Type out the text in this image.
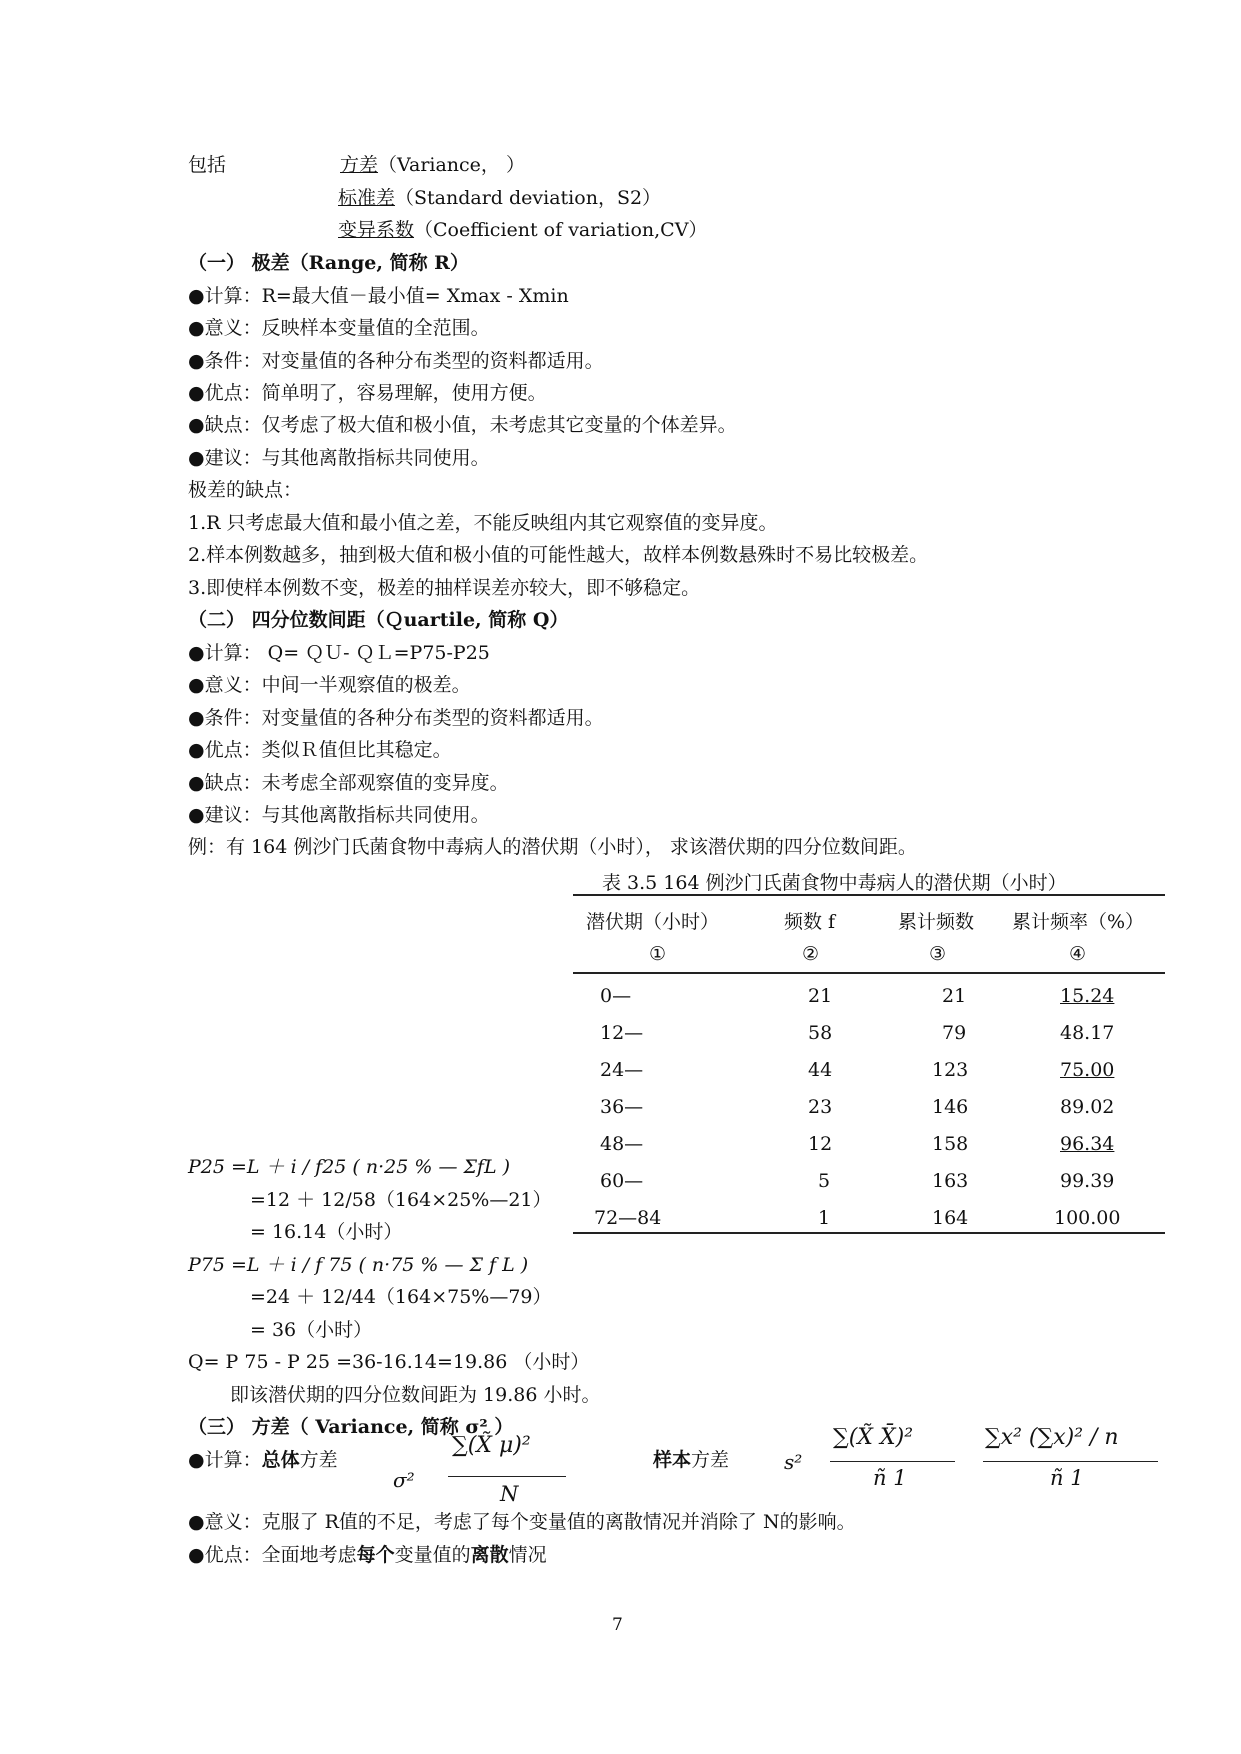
包括	方差（Variance， ）
标准差（Standard deviation，S2）
变异系数（Coefficient of variation,CV）
（一） 极差（Range, 简称 R）
●计算：R=最大值－最小值= Xmax - Xmin
●意义：反映样本变量值的全范围。
●条件：对变量值的各种分布类型的资料都适用。
●优点：简单明了，容易理解，使用方便。
●缺点：仅考虑了极大值和极小值，未考虑其它变量的个体差异。
●建议：与其他离散指标共同使用。
极差的缺点：
1.R 只考虑最大值和最小值之差，不能反映组内其它观察值的变异度。
2.样本例数越多，抽到极大值和极小值的可能性越大，故样本例数悬殊时不易比较极差。
3.即使样本例数不变，极差的抽样误差亦较大，即不够稳定。
（二） 四分位数间距（Ｑuartile, 简称 Q）
●计算： Q= ＱＵ- ＱＬ=P75-P25
●意义：中间一半观察值的极差。
●条件：对变量值的各种分布类型的资料都适用。
●优点：类似Ｒ值但比其稳定。
●缺点：未考虑全部观察值的变异度。
●建议：与其他离散指标共同使用。
例：有 164 例沙门氏菌食物中毒病人的潜伏期（小时）， 求该潜伏期的四分位数间距。
表 3.5 164 例沙门氏菌食物中毒病人的潜伏期（小时）
潜伏期（小时）	频数 f	累计频数 累计频率（%）
①	②	③	④
0—	21	21	15.24
12—	58	79	48.17
24—	44	123	75.00
36—	23	146	89.02
48—	12	158	96.34
60—	5	163	99.39
72—84	1	164	100.00
P25 =L ＋ i / f25 ( n·25 % — ΣfL )
=12 ＋ 12/58（164×25%—21）
= 16.14（小时）
P75 =L ＋ i / f 75 ( n·75 % — Σ f L )
=24 ＋ 12/44（164×75%—79）
= 36（小时）
Q= P 75 - P 25 =36-16.14=19.86 （小时）
即该潜伏期的四分位数间距为 19.86 小时。
（三） 方差（ Variance, 简称 σ² ）
●计算：总体方差	样本方差
σ²
∑(X̃ μ)²
N
s²
∑(X̃ X̄)²
ñ 1
∑x² (∑x)² / n
ñ 1
●意义：克服了 R值的不足，考虑了每个变量值的离散情况并消除了 N的影响。
●优点：全面地考虑每个变量值的离散情况
7
